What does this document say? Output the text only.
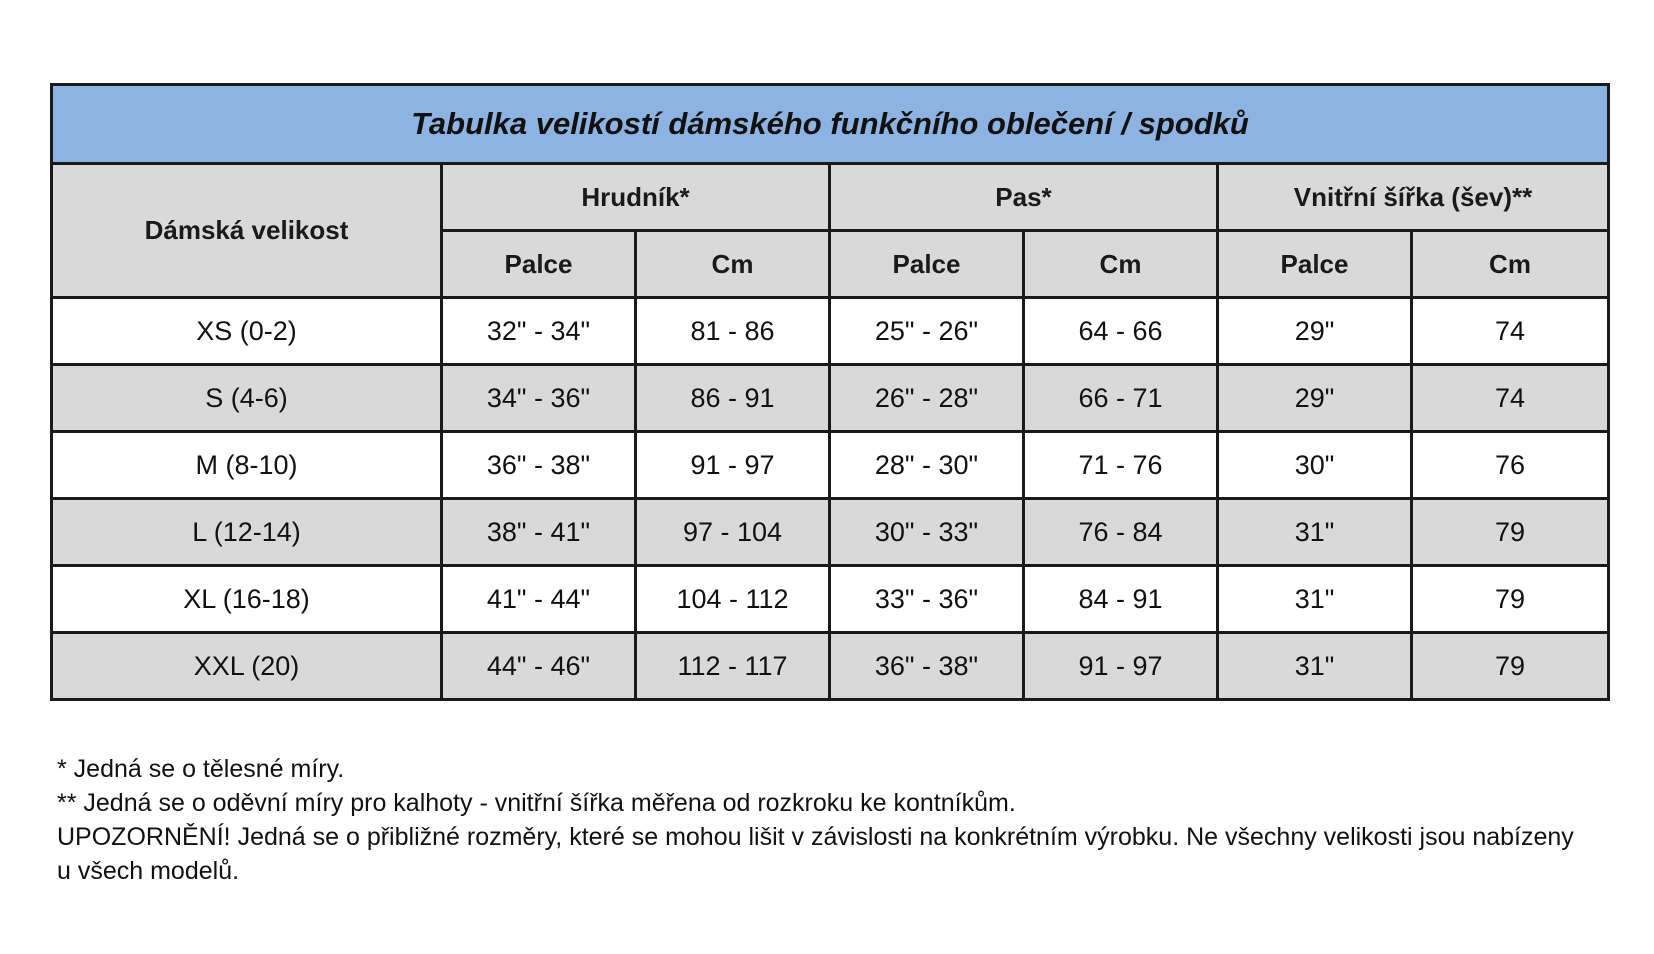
Tabulka velikostí dámského funkčního oblečení / spodků						
Dámská velikost	Hrudník*		Pas*		Vnitřní šířka (šev)**	
	Palce	Cm	Palce	Cm	Palce	Cm
XS (0-2)	32" - 34"	81 - 86	25" - 26"	64 - 66	29"	74
S (4-6)	34" - 36"	86 - 91	26" - 28"	66 - 71	29"	74
M (8-10)	36" - 38"	91 - 97	28" - 30"	71 - 76	30"	76
L (12-14)	38" - 41"	97 - 104	30" - 33"	76 - 84	31"	79
XL (16-18)	41" - 44"	104 - 112	33" - 36"	84 - 91	31"	79
XXL (20)	44" - 46"	112 - 117	36" - 38"	91 - 97	31"	79

* Jedná se o tělesné míry.

** Jedná se o oděvní míry pro kalhoty - vnitřní šířka měřena od rozkroku ke kontníkům.

UPOZORNĚNÍ! Jedná se o přibližné rozměry, které se mohou lišit v závislosti na konkrétním výrobku. Ne všechny velikosti jsou nabízeny u všech modelů.
